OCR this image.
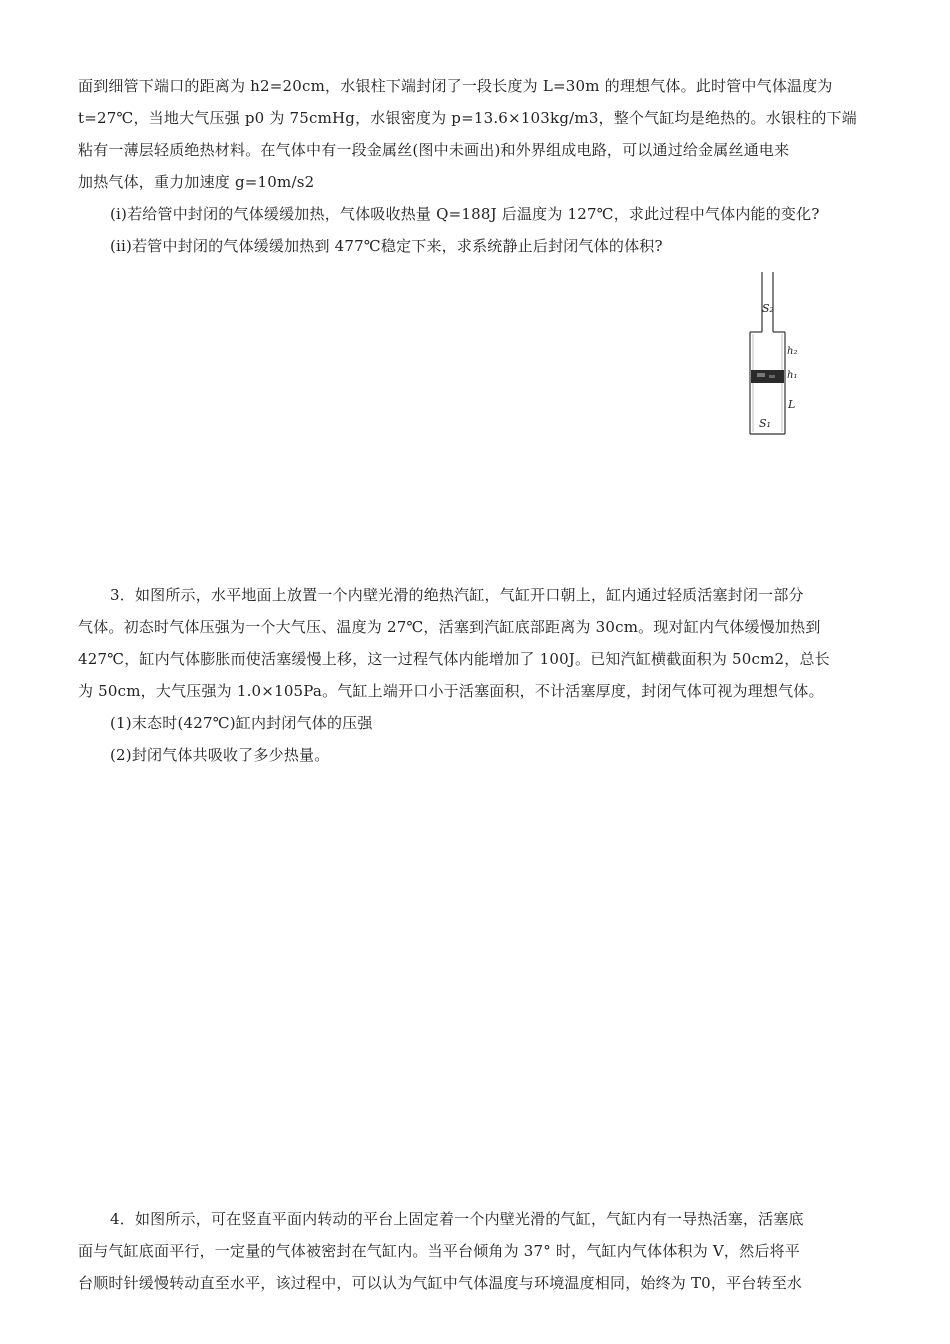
面到细管下端口的距离为 h2=20cm，水银柱下端封闭了一段长度为 L=30m 的理想气体。此时管中气体温度为
t=27℃，当地大气压强 p0 为 75cmHg，水银密度为 p=13.6×103kg/m3，整个气缸均是绝热的。水银柱的下端
粘有一薄层轻质绝热材料。在气体中有一段金属丝(图中未画出)和外界组成电路，可以通过给金属丝通电来
加热气体，重力加速度 g=10m/s2
(i)若给管中封闭的气体缓缓加热，气体吸收热量 Q=188J 后温度为 127℃，求此过程中气体内能的变化?
(ii)若管中封闭的气体缓缓加热到 477℃稳定下来，求系统静止后封闭气体的体积?
S₂
h₂
h₁
L
S₁
3．如图所示，水平地面上放置一个内壁光滑的绝热汽缸，气缸开口朝上，缸内通过轻质活塞封闭一部分
气体。初态时气体压强为一个大气压、温度为 27℃，活塞到汽缸底部距离为 30cm。现对缸内气体缓慢加热到
427℃，缸内气体膨胀而使活塞缓慢上移，这一过程气体内能增加了 100J。已知汽缸横截面积为 50cm2，总长
为 50cm，大气压强为 1.0×105Pa。气缸上端开口小于活塞面积，不计活塞厚度，封闭气体可视为理想气体。
(1)末态时(427℃)缸内封闭气体的压强
(2)封闭气体共吸收了多少热量。
4．如图所示，可在竖直平面内转动的平台上固定着一个内壁光滑的气缸，气缸内有一导热活塞，活塞底
面与气缸底面平行，一定量的气体被密封在气缸内。当平台倾角为 37° 时，气缸内气体体积为 V，然后将平
台顺时针缓慢转动直至水平，该过程中，可以认为气缸中气体温度与环境温度相同，始终为 T0，平台转至水
